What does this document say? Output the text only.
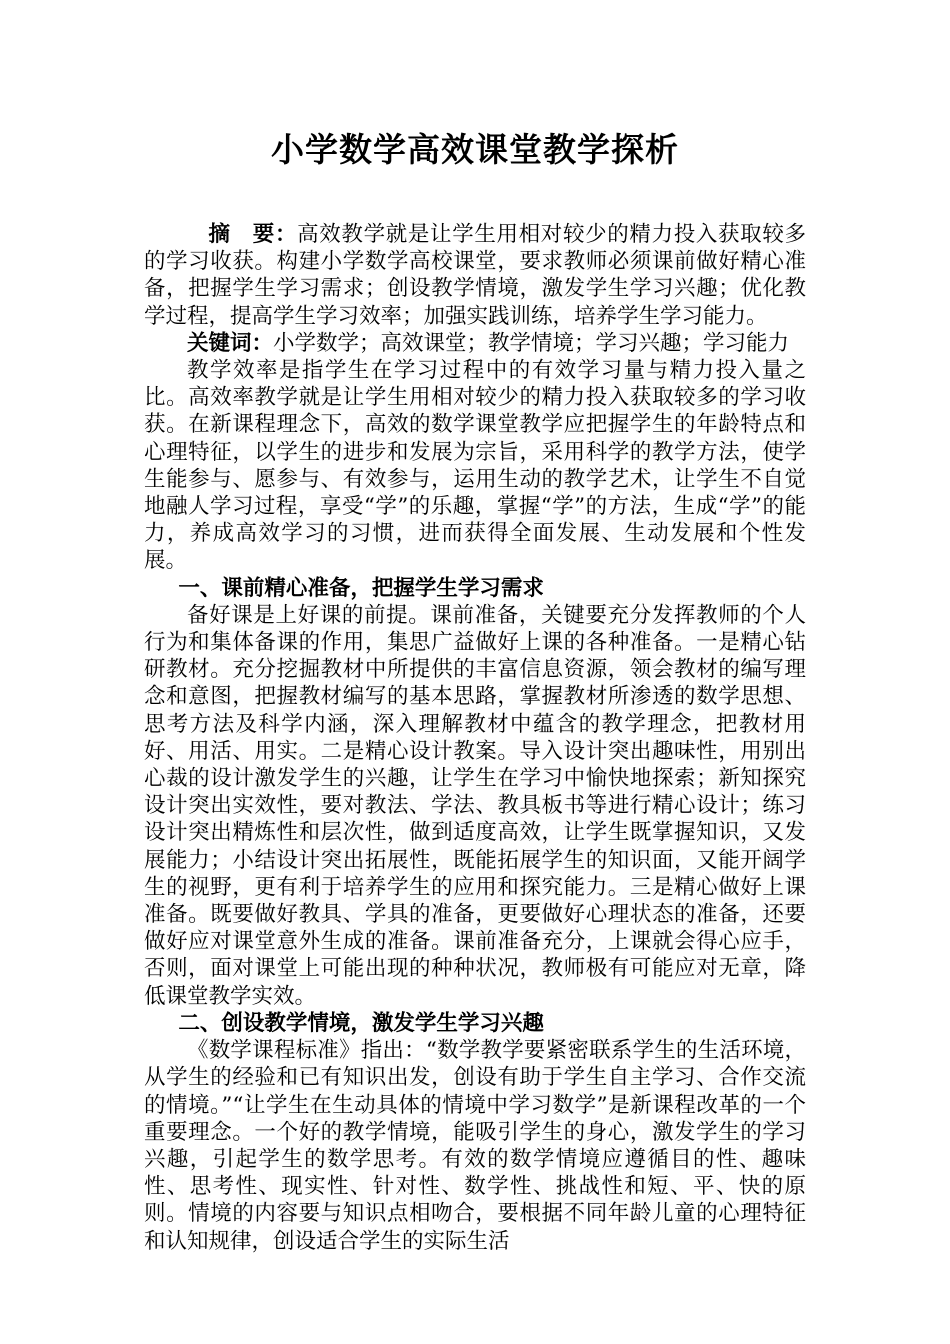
小学数学高效课堂教学探析

摘　要：高效教学就是让学生用相对较少的精力投入获取较多的学习收获。构建小学数学高校课堂，要求教师必须课前做好精心准备，把握学生学习需求；创设教学情境，激发学生学习兴趣；优化教学过程，提高学生学习效率；加强实践训练，培养学生学习能力。

关键词：小学数学；高效课堂；教学情境；学习兴趣；学习能力

教学效率是指学生在学习过程中的有效学习量与精力投入量之比。高效率教学就是让学生用相对较少的精力投入获取较多的学习收获。在新课程理念下，高效的数学课堂教学应把握学生的年龄特点和心理特征，以学生的进步和发展为宗旨，采用科学的教学方法，使学生能参与、愿参与、有效参与，运用生动的教学艺术，让学生不自觉地融人学习过程，享受“学”的乐趣，掌握“学”的方法，生成“学”的能力，养成高效学习的习惯，进而获得全面发展、生动发展和个性发展。

一、课前精心准备，把握学生学习需求

备好课是上好课的前提。课前准备，关键要充分发挥教师的个人行为和集体备课的作用，集思广益做好上课的各种准备。一是精心钻研教材。充分挖掘教材中所提供的丰富信息资源，领会教材的编写理念和意图，把握教材编写的基本思路，掌握教材所渗透的数学思想、思考方法及科学内涵，深入理解教材中蕴含的教学理念，把教材用好、用活、用实。二是精心设计教案。导入设计突出趣味性，用别出心裁的设计激发学生的兴趣，让学生在学习中愉快地探索；新知探究设计突出实效性，要对教法、学法、教具板书等进行精心设计；练习设计突出精炼性和层次性，做到适度高效，让学生既掌握知识，又发展能力；小结设计突出拓展性，既能拓展学生的知识面，又能开阔学生的视野，更有利于培养学生的应用和探究能力。三是精心做好上课准备。既要做好教具、学具的准备，更要做好心理状态的准备，还要做好应对课堂意外生成的准备。课前准备充分，上课就会得心应手，否则，面对课堂上可能出现的种种状况，教师极有可能应对无章，降低课堂教学实效。

二、创设教学情境，激发学生学习兴趣

《数学课程标准》指出：“数学教学要紧密联系学生的生活环境，从学生的经验和已有知识出发，创设有助于学生自主学习、合作交流的情境。”“让学生在生动具体的情境中学习数学”是新课程改革的一个重要理念。一个好的教学情境，能吸引学生的身心，激发学生的学习兴趣，引起学生的数学思考。有效的数学情境应遵循目的性、趣味性、思考性、现实性、针对性、数学性、挑战性和短、平、快的原则。情境的内容要与知识点相吻合，要根据不同年龄儿童的心理特征和认知规律，创设适合学生的实际生活
